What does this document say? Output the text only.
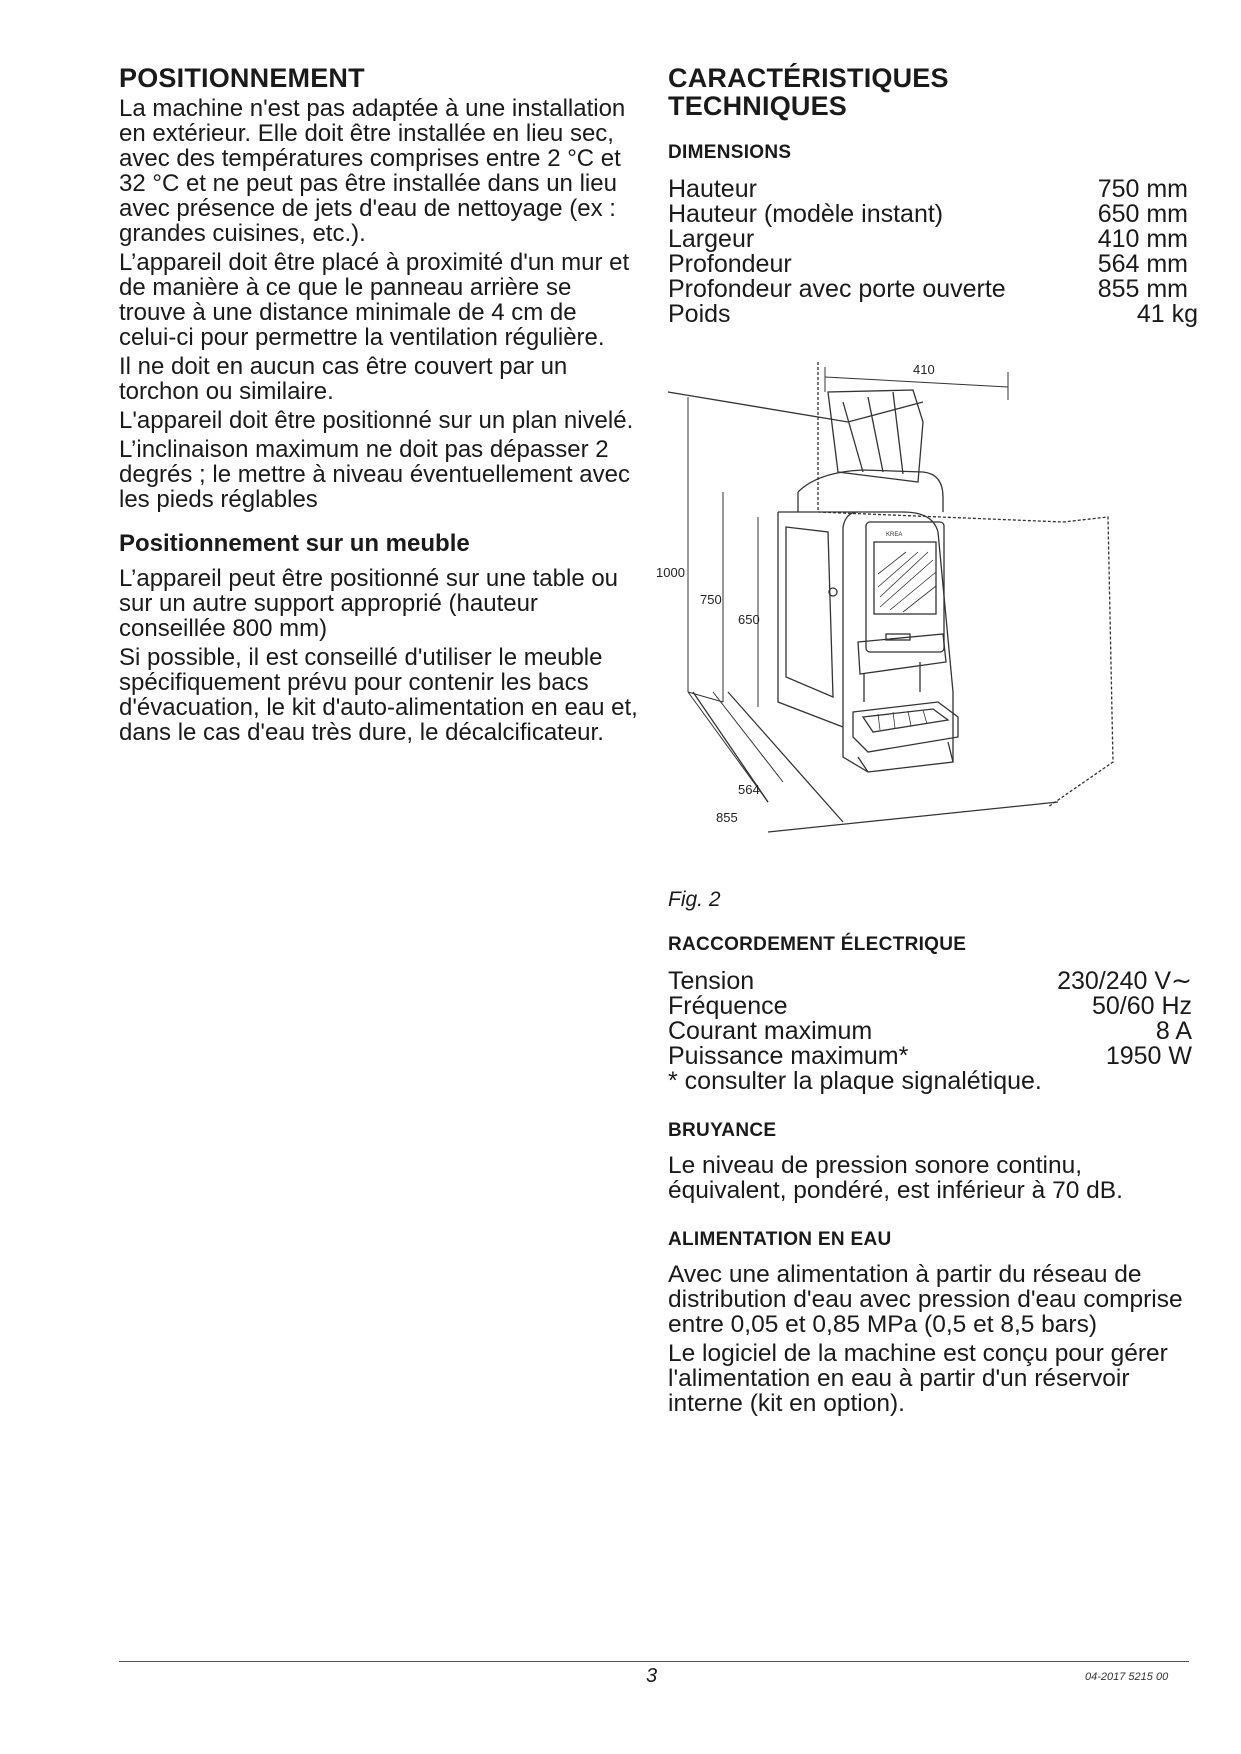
POSITIONNEMENT

La machine n'est pas adaptée à une installation en extérieur. Elle doit être installée en lieu sec, avec des températures comprises entre 2 °C et 32 °C et ne peut pas être installée dans un lieu avec présence de jets d'eau de nettoyage (ex : grandes cuisines, etc.).

L’appareil doit être placé à proximité d'un mur et de manière à ce que le panneau arrière se trouve à une distance minimale de 4 cm de celui-ci pour permettre la ventilation régulière.

Il ne doit en aucun cas être couvert par un torchon ou similaire.

L'appareil doit être positionné sur un plan nivelé.

L’inclinaison maximum ne doit pas dépasser 2 degrés ; le mettre à niveau éventuellement avec les pieds réglables

Positionnement sur un meuble

L’appareil peut être positionné sur une table ou sur un autre support approprié (hauteur conseillée 800 mm)

Si possible, il est conseillé d'utiliser le meuble spécifiquement prévu pour contenir les bacs d'évacuation, le kit d'auto-alimentation en eau et, dans le cas d'eau très dure, le décalcificateur.

CARACTÉRISTIQUES
TECHNIQUES
DIMENSIONS
Hauteur	750 mm
Hauteur (modèle instant)	650 mm
Largeur	410 mm
Profondeur	564 mm
Profondeur avec porte ouverte	855 mm
Poids	41 kg
410
1000
750
650
564
855
KREA
Fig. 2
RACCORDEMENT ÉLECTRIQUE
Tension	230/240 V∼
Fréquence	50/60 Hz
Courant maximum	8 A
Puissance maximum*	1950 W
* consulter la plaque signalétique.
BRUYANCE

Le niveau de pression sonore continu, équivalent, pondéré, est inférieur à 70 dB.

ALIMENTATION EN EAU

Avec une alimentation à partir du réseau de distribution d'eau avec pression d'eau comprise entre 0,05 et 0,85 MPa (0,5 et 8,5 bars)

Le logiciel de la machine est conçu pour gérer l'alimentation en eau à partir d'un réservoir interne (kit en option).

3	04-2017 5215 00
